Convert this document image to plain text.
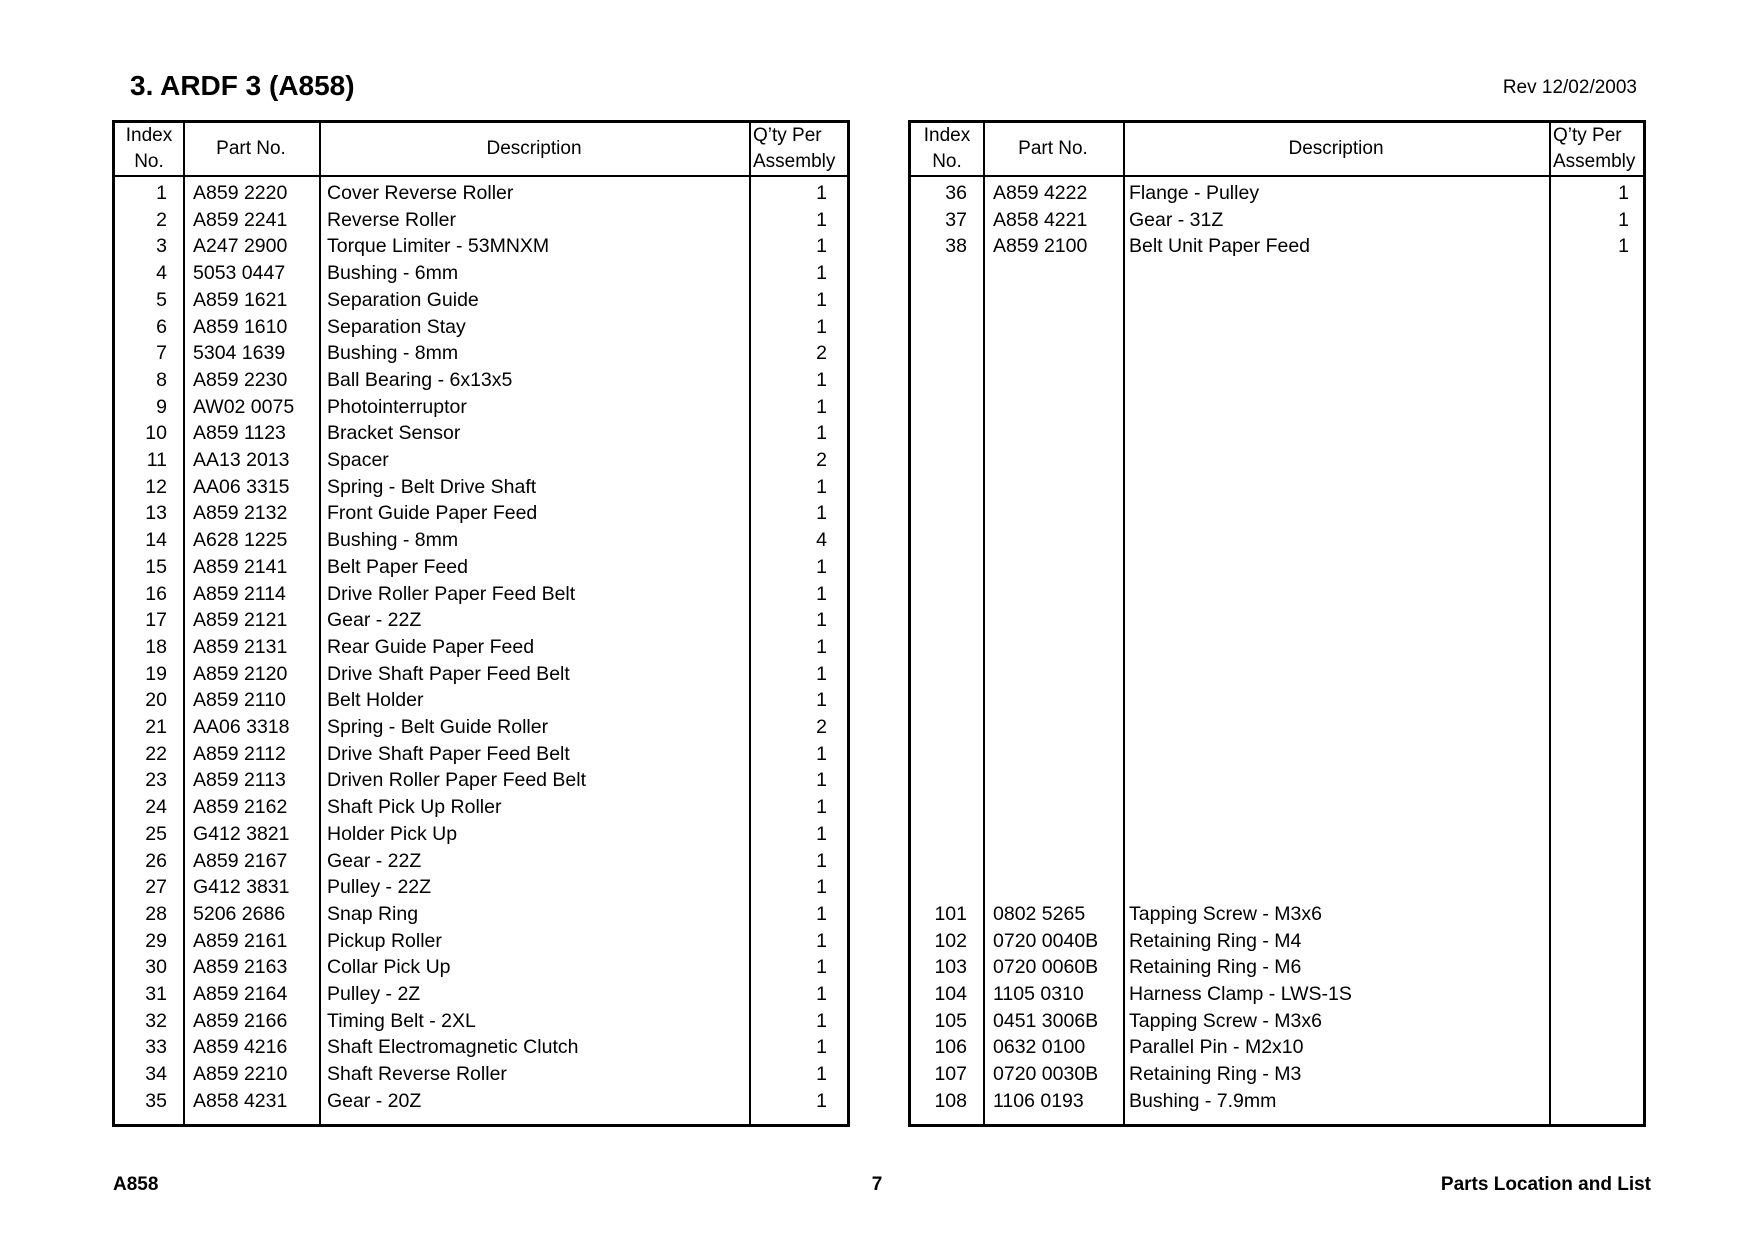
3. ARDF 3 (A858)	Rev 12/02/2003
Index
No.
Part No.	Description
Q’ty Per
Assembly
1 A859 2220	Cover Reverse Roller	1
2 A859 2241	Reverse Roller	1
3 A247 2900	Torque Limiter - 53MNXM	1
4 5053 0447	Bushing - 6mm	1
5 A859 1621	Separation Guide	1
6 A859 1610	Separation Stay	1
7 5304 1639	Bushing - 8mm	2
8 A859 2230	Ball Bearing - 6x13x5	1
9 AW02 0075	Photointerruptor	1
10 A859 1123	Bracket Sensor	1
11 AA13 2013	Spacer	2
12 AA06 3315	Spring - Belt Drive Shaft	1
13 A859 2132	Front Guide Paper Feed	1
14 A628 1225	Bushing - 8mm	4
15 A859 2141	Belt Paper Feed	1
16 A859 2114	Drive Roller Paper Feed Belt	1
17 A859 2121	Gear - 22Z	1
18 A859 2131	Rear Guide Paper Feed	1
19 A859 2120	Drive Shaft Paper Feed Belt	1
20 A859 2110	Belt Holder	1
21 AA06 3318	Spring - Belt Guide Roller	2
22 A859 2112	Drive Shaft Paper Feed Belt	1
23 A859 2113	Driven Roller Paper Feed Belt	1
24 A859 2162	Shaft Pick Up Roller	1
25 G412 3821	Holder Pick Up	1
26 A859 2167	Gear - 22Z	1
27 G412 3831	Pulley - 22Z	1
28 5206 2686	Snap Ring	1
29 A859 2161	Pickup Roller	1
30 A859 2163	Collar Pick Up	1
31 A859 2164	Pulley - 2Z	1
32 A859 2166	Timing Belt - 2XL	1
33 A859 4216	Shaft Electromagnetic Clutch	1
34 A859 2210	Shaft Reverse Roller	1
35 A858 4231	Gear - 20Z	1
Index
No.
Part No.	Description
Q’ty Per
Assembly
36 A859 4222	Flange - Pulley	1
37 A858 4221	Gear - 31Z	1
38 A859 2100	Belt Unit Paper Feed	1
101 0802 5265	Tapping Screw - M3x6
102 0720 0040B	Retaining Ring - M4
103 0720 0060B	Retaining Ring - M6
104 1105 0310	Harness Clamp - LWS-1S
105 0451 3006B	Tapping Screw - M3x6
106 0632 0100	Parallel Pin - M2x10
107 0720 0030B	Retaining Ring - M3
108 1106 0193	Bushing - 7.9mm
A858	7	Parts Location and List
